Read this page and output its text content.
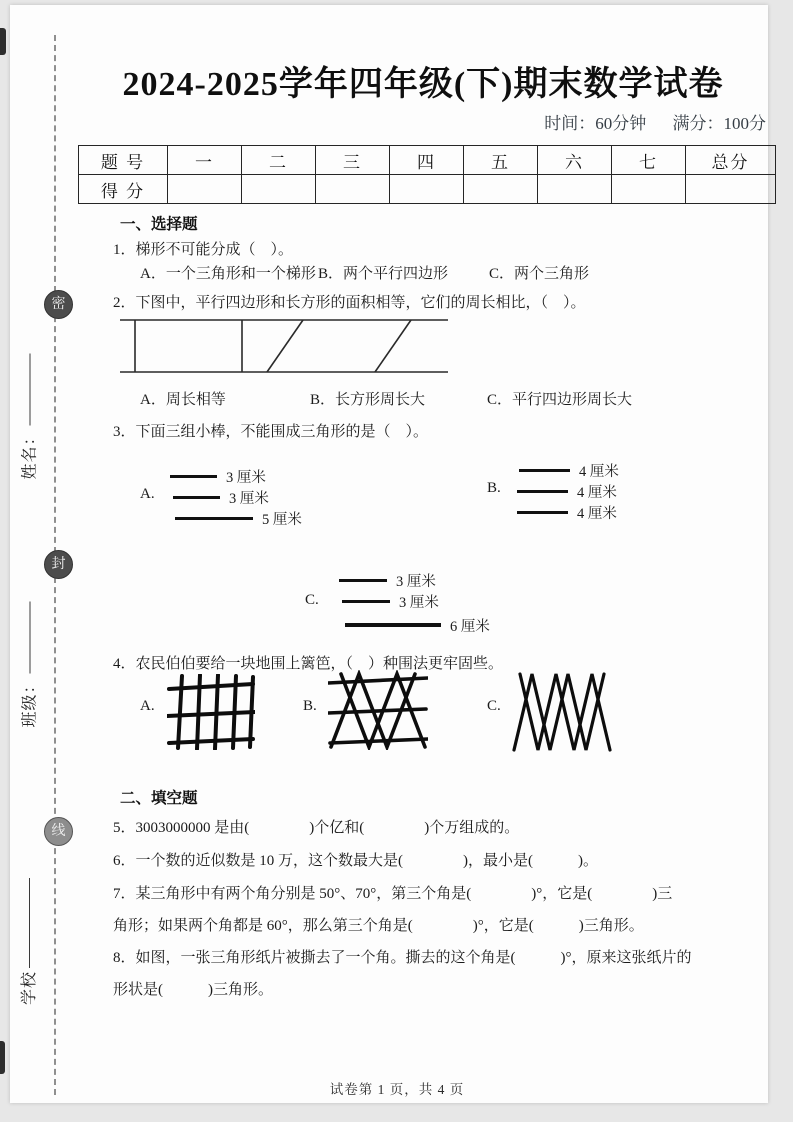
密
封
线
姓名：
班级：
学校
2024-2025学年四年级(下)期末数学试卷
时间：60分钟 满分：100分
题 号	一	二	三	四	五	六	七	总分
得 分								
一、选择题
1．梯形不可能分成（　）。
A．一个三角形和一个梯形 B．两个平行四边形	C．两个三角形
2．下图中，平行四边形和长方形的面积相等，它们的周长相比，（　）。
A．周长相等	B．长方形周长大	C．平行四边形周长大
3．下面三组小棒，不能围成三角形的是（　）。
A.
3 厘米
3 厘米
5 厘米
B.
4 厘米
4 厘米
4 厘米
C.
3 厘米
3 厘米
6 厘米
4．农民伯伯要给一块地围上篱笆，（　）种围法更牢固些。
A.	B.	C.
二、填空题
5．3003000000 是由(　　　　)个亿和(　　　　)个万组成的。
6．一个数的近似数是 10 万，这个数最大是(　　　　)，最小是(　　　)。
7．某三角形中有两个角分别是 50°、70°，第三个角是(　　　　)°，它是(　　　　)三
角形；如果两个角都是 60°，那么第三个角是(　　　　)°，它是(　　　)三角形。
8．如图，一张三角形纸片被撕去了一个角。撕去的这个角是(　　　)°，原来这张纸片的
形状是(　　　)三角形。
试卷第 1 页，共 4 页
